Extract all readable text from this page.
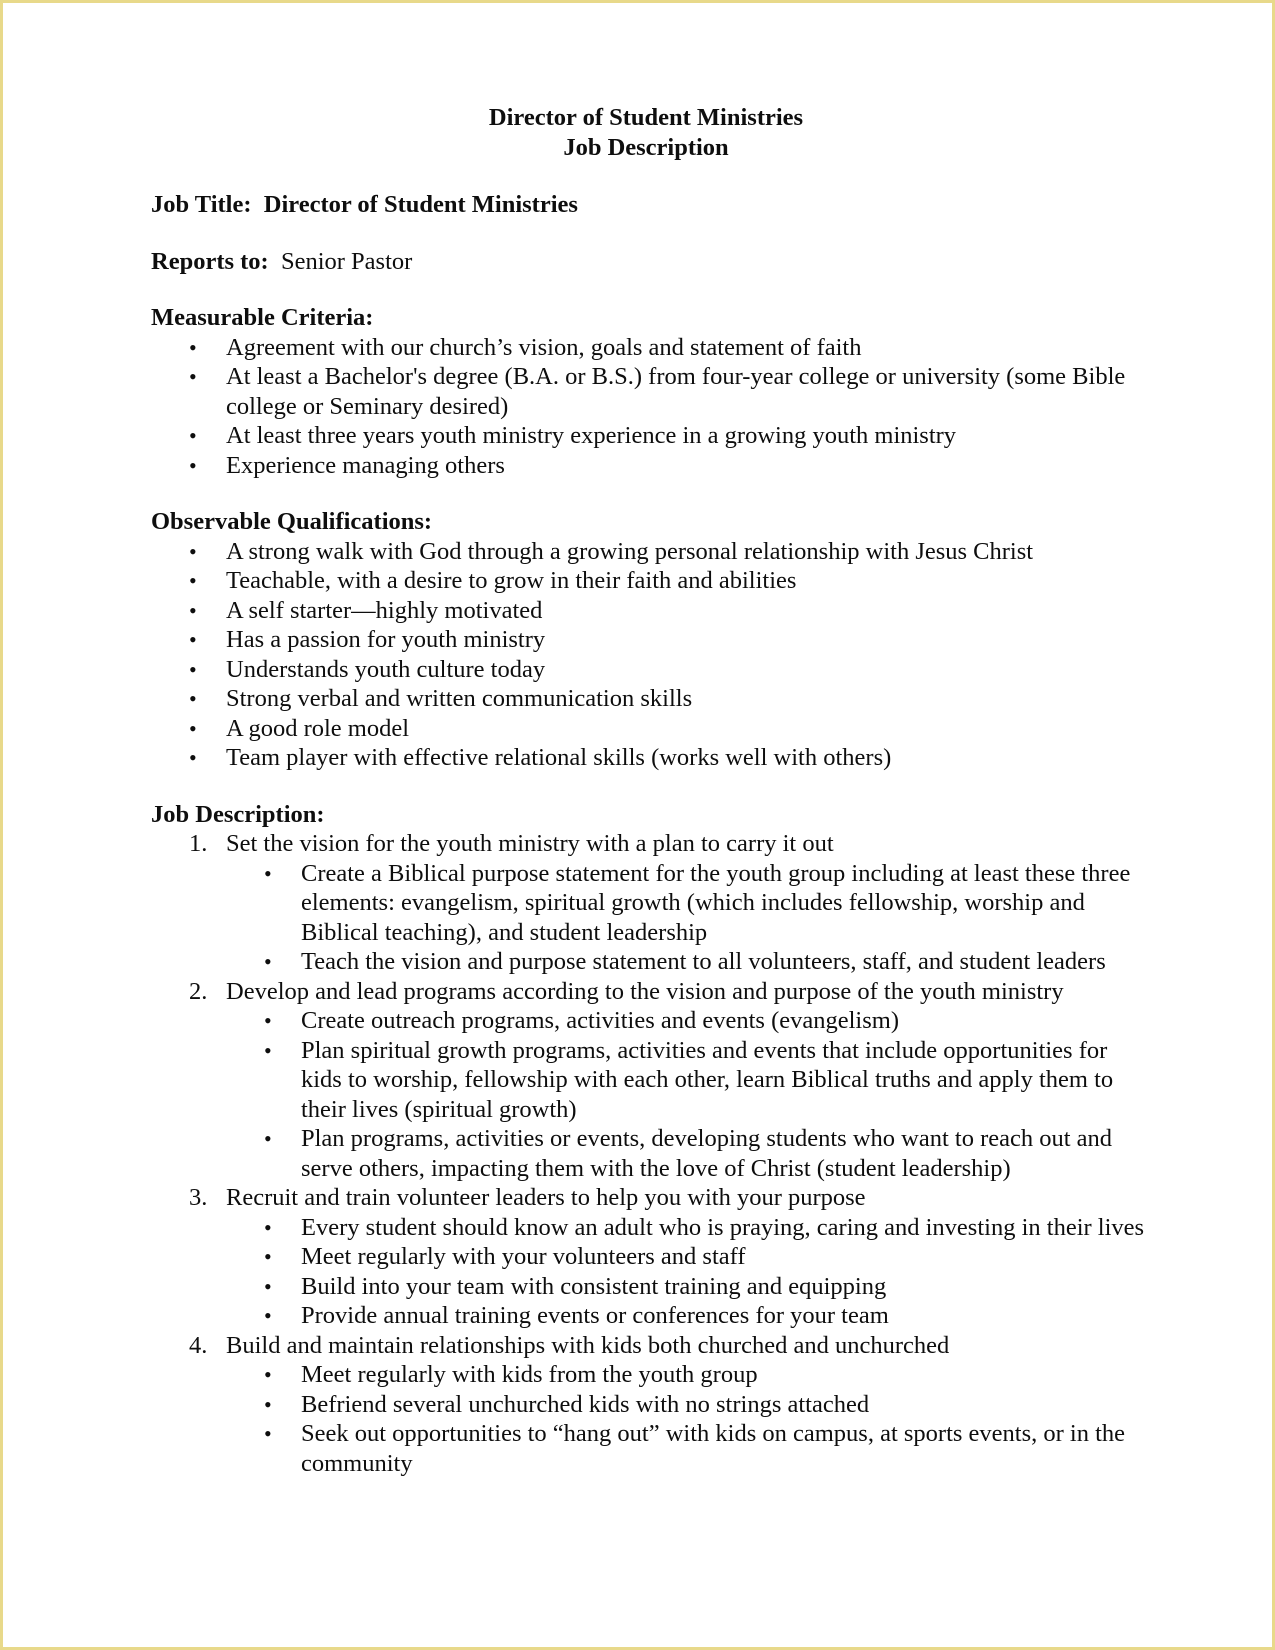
Director of Student Ministries
Job Description
Job Title: Director of Student Ministries
Reports to: Senior Pastor
Measurable Criteria:
• Agreement with our church’s vision, goals and statement of faith
• At least a Bachelor's degree (B.A. or B.S.) from four-year college or university (some Bible college or Seminary desired)
• At least three years youth ministry experience in a growing youth ministry
• Experience managing others
Observable Qualifications:
• A strong walk with God through a growing personal relationship with Jesus Christ
• Teachable, with a desire to grow in their faith and abilities
• A self starter—highly motivated
• Has a passion for youth ministry
• Understands youth culture today
• Strong verbal and written communication skills
• A good role model
• Team player with effective relational skills (works well with others)
Job Description:
1. Set the vision for the youth ministry with a plan to carry it out
• Create a Biblical purpose statement for the youth group including at least these three elements: evangelism, spiritual growth (which includes fellowship, worship and Biblical teaching), and student leadership
• Teach the vision and purpose statement to all volunteers, staff, and student leaders
2. Develop and lead programs according to the vision and purpose of the youth ministry
• Create outreach programs, activities and events (evangelism)
• Plan spiritual growth programs, activities and events that include opportunities for kids to worship, fellowship with each other, learn Biblical truths and apply them to their lives (spiritual growth)
• Plan programs, activities or events, developing students who want to reach out and serve others, impacting them with the love of Christ (student leadership)
3. Recruit and train volunteer leaders to help you with your purpose
• Every student should know an adult who is praying, caring and investing in their lives
• Meet regularly with your volunteers and staff
• Build into your team with consistent training and equipping
• Provide annual training events or conferences for your team
4. Build and maintain relationships with kids both churched and unchurched
• Meet regularly with kids from the youth group
• Befriend several unchurched kids with no strings attached
• Seek out opportunities to “hang out” with kids on campus, at sports events, or in the community
